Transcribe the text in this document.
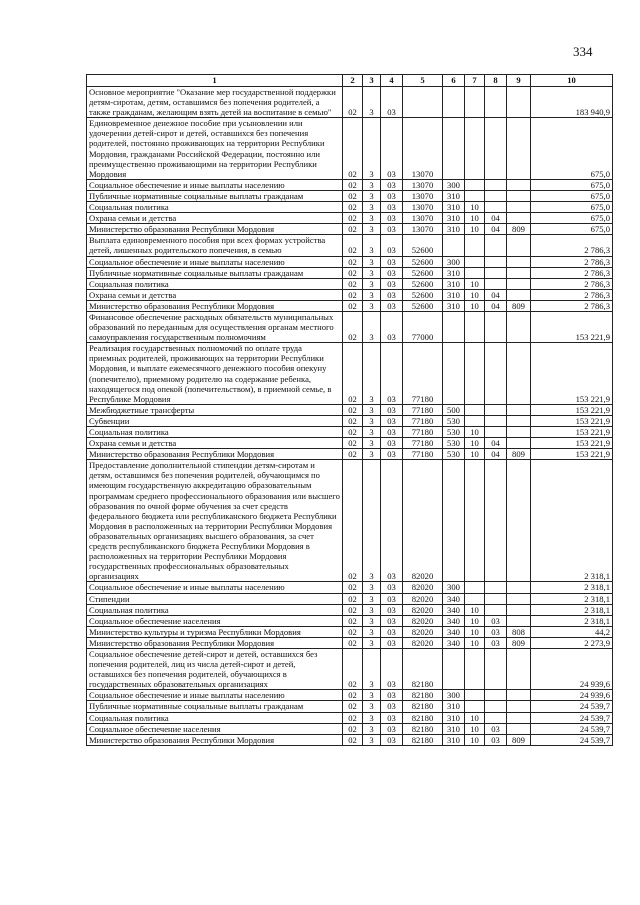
334
1	2	3	4	5	6	7	8	9	10
Основное мероприятие "Оказание мер государственной поддержки детям-сиротам, детям, оставшимся без попечения родителей, а также гражданам, желающим взять детей на воспитание в семью"	02	3	03						183 940,9
Единовременное денежное пособие при усыновлении или удочерении детей-сирот и детей, оставшихся без попечения родителей, постоянно проживающих на территории Республики Мордовия, гражданами Российской Федерации, постоянно или преимущественно проживающими на территории Республики Мордовия	02	3	03	13070					675,0
Социальное обеспечение и иные выплаты населению	02	3	03	13070	300				675,0
Публичные нормативные социальные выплаты гражданам	02	3	03	13070	310				675,0
Социальная политика	02	3	03	13070	310	10			675,0
Охрана семьи и детства	02	3	03	13070	310	10	04		675,0
Министерство образования Республики Мордовия	02	3	03	13070	310	10	04	809	675,0
Выплата единовременного пособия при всех формах устройства детей, лишенных родительского попечения, в семью	02	3	03	52600					2 786,3
Социальное обеспечение и иные выплаты населению	02	3	03	52600	300				2 786,3
Публичные нормативные социальные выплаты гражданам	02	3	03	52600	310				2 786,3
Социальная политика	02	3	03	52600	310	10			2 786,3
Охрана семьи и детства	02	3	03	52600	310	10	04		2 786,3
Министерство образования Республики Мордовия	02	3	03	52600	310	10	04	809	2 786,3
Финансовое обеспечение расходных обязательств муниципальных образований по переданным для осуществления органам местного самоуправления государственным полномочиям	02	3	03	77000					153 221,9
Реализация государственных полномочий по оплате труда приемных родителей, проживающих на территории Республики Мордовия, и выплате ежемесячного денежного пособия опекуну (попечителю), приемному родителю на содержание ребенка, находящегося под опекой (попечительством), в приемной семье, в Республике Мордовия	02	3	03	77180					153 221,9
Межбюджетные трансферты	02	3	03	77180	500				153 221,9
Субвенции	02	3	03	77180	530				153 221,9
Социальная политика	02	3	03	77180	530	10			153 221,9
Охрана семьи и детства	02	3	03	77180	530	10	04		153 221,9
Министерство образования Республики Мордовия	02	3	03	77180	530	10	04	809	153 221,9
Предоставление дополнительной стипендии детям-сиротам и детям, оставшимся без попечения родителей, обучающимся по имеющим государственную аккредитацию образовательным программам среднего профессионального образования или высшего образования по очной форме обучения за счет средств федерального бюджета или республиканского бюджета Республики Мордовия в расположенных на территории Республики Мордовия образовательных организациях высшего образования, за счет средств республиканского бюджета Республики Мордовия в расположенных на территории Республики Мордовия государственных профессиональных образовательных организациях	02	3	03	82020					2 318,1
Социальное обеспечение и иные выплаты населению	02	3	03	82020	300				2 318,1
Стипендии	02	3	03	82020	340				2 318,1
Социальная политика	02	3	03	82020	340	10			2 318,1
Социальное обеспечение населения	02	3	03	82020	340	10	03		2 318,1
Министерство культуры и туризма Республики Мордовия	02	3	03	82020	340	10	03	808	44,2
Министерство образования Республики Мордовия	02	3	03	82020	340	10	03	809	2 273,9
Социальное обеспечение детей-сирот и детей, оставшихся без попечения родителей, лиц из числа детей-сирот и детей, оставшихся без попечения родителей, обучающихся в государственных образовательных организациях	02	3	03	82180					24 939,6
Социальное обеспечение и иные выплаты населению	02	3	03	82180	300				24 939,6
Публичные нормативные социальные выплаты гражданам	02	3	03	82180	310				24 539,7
Социальная политика	02	3	03	82180	310	10			24 539,7
Социальное обеспечение населения	02	3	03	82180	310	10	03		24 539,7
Министерство образования Республики Мордовия	02	3	03	82180	310	10	03	809	24 539,7
